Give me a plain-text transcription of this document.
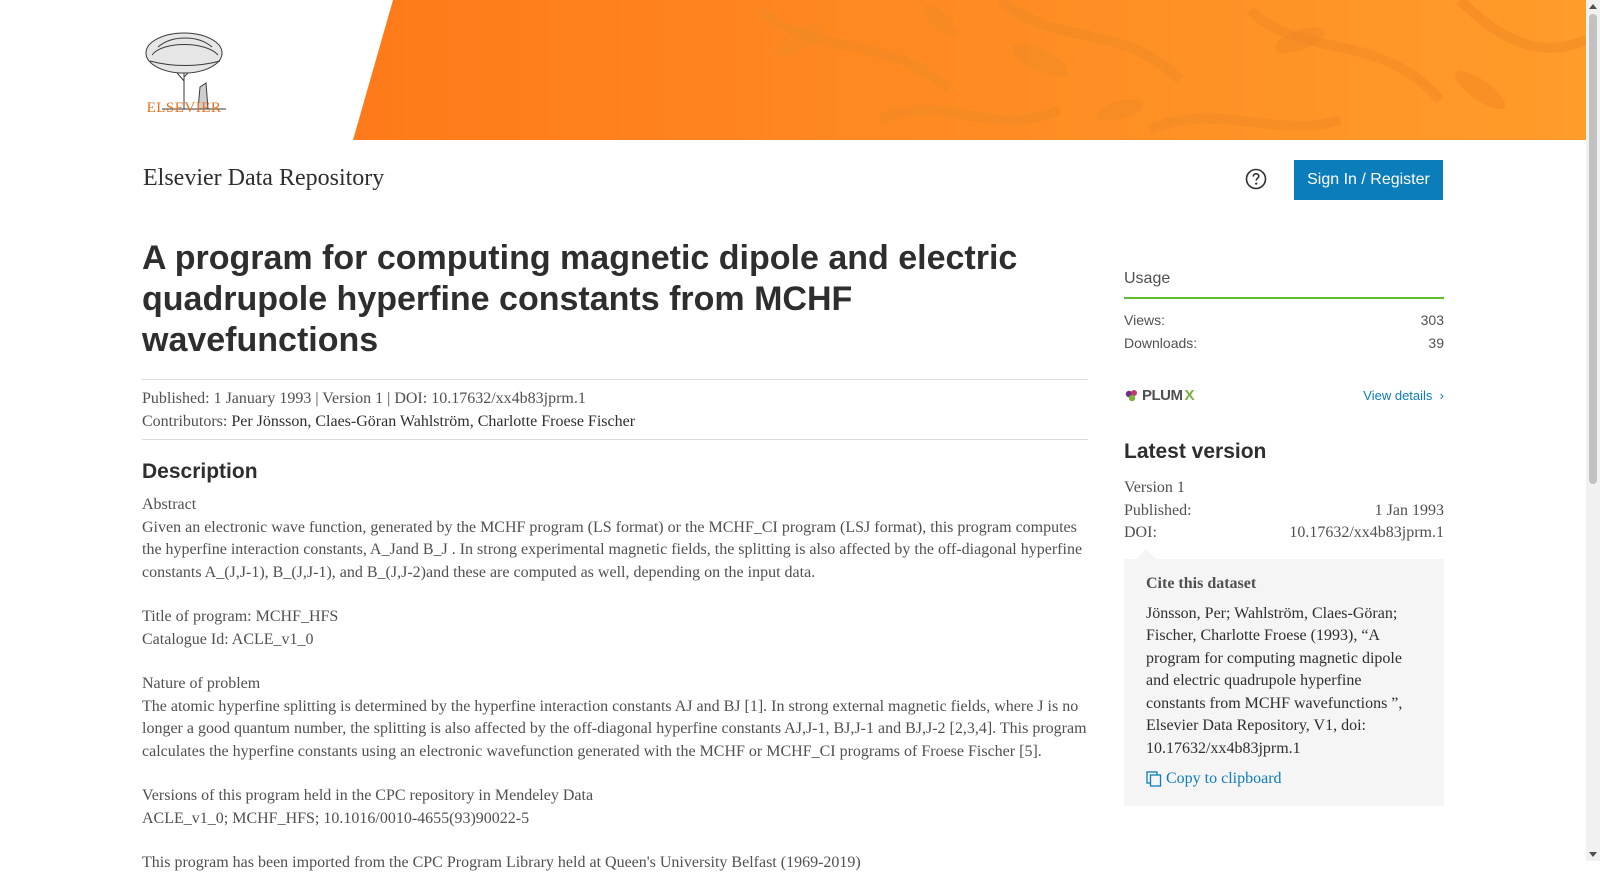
ELSEVIER
Elsevier Data Repository	Sign In / Register
A program for computing magnetic dipole and electric quadrupole hyperfine constants from MCHF wavefunctions
Published: 1 January 1993 | Version 1 | DOI: 10.17632/xx4b83jprm.1
Contributors: Per Jönsson, Claes-Göran Wahlström, Charlotte Froese Fischer
Description

Abstract

Given an electronic wave function, generated by the MCHF program (LS format) or the MCHF_CI program (LSJ format), this program computes the hyperfine interaction constants, A_Jand B_J . In strong experimental magnetic fields, the splitting is also affected by the off-diagonal hyperfine constants A_(J,J-1), B_(J,J-1), and B_(J,J-2)and these are computed as well, depending on the input data.

Title of program: MCHF_HFS

Catalogue Id: ACLE_v1_0

Nature of problem

The atomic hyperfine splitting is determined by the hyperfine interaction constants AJ and BJ [1]. In strong external magnetic fields, where J is no longer a good quantum number, the splitting is also affected by the off-diagonal hyperfine constants AJ,J-1, BJ,J-1 and BJ,J-2 [2,3,4]. This program calculates the hyperfine constants using an electronic wavefunction generated with the MCHF or MCHF_CI programs of Froese Fischer [5].

Versions of this program held in the CPC repository in Mendeley Data

ACLE_v1_0; MCHF_HFS; 10.1016/0010-4655(93)90022-5

This program has been imported from the CPC Program Library held at Queen's University Belfast (1969-2019)

Usage
Views:	303
Downloads:	39
PLUM X	View details  ›
Latest version
Version 1
Published:	1 Jan 1993
DOI:	10.17632/xx4b83jprm.1
Cite this dataset
Jönsson, Per; Wahlström, Claes-Göran; Fischer, Charlotte Froese (1993), “A program for computing magnetic dipole and electric quadrupole hyperfine constants from MCHF wavefunctions ”, Elsevier Data Repository, V1, doi: 10.17632/xx4b83jprm.1
Copy to clipboard
